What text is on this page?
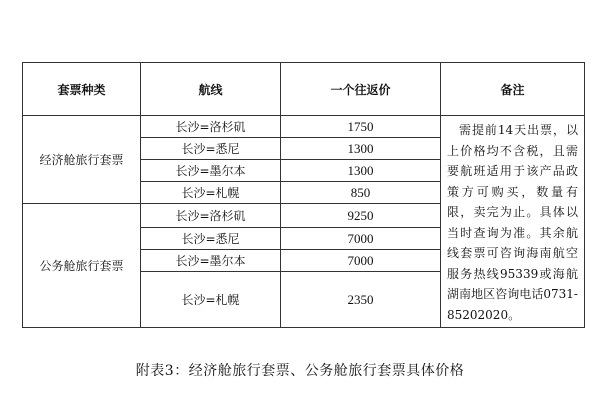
套票种类	航线	一个往返价	备注
经济舱旅行套票	长沙=洛杉矶	1750	需提前14天出票，以上价格均不含税，且需要航班适用于该产品政策方可购买，数量有限，卖完为止。具体以当时查询为准。其余航线套票可咨询海南航空服务热线95339或海航湖南地区咨询电话0731-85202020。

	长沙=悉尼	1300	
	长沙=墨尔本	1300	
	长沙=札幌	850	
公务舱旅行套票	长沙=洛杉矶	9250	
	长沙=悉尼	7000	
	长沙=墨尔本	7000	
	长沙=札幌	2350	
附表3：经济舱旅行套票、公务舱旅行套票具体价格
